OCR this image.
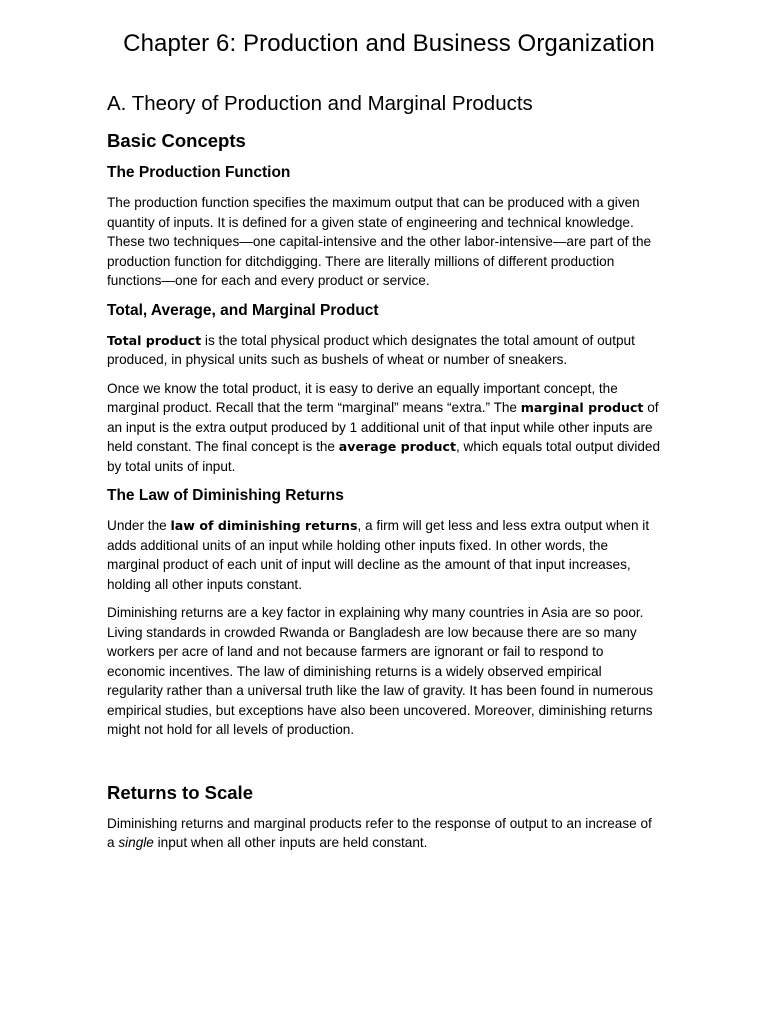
Chapter 6: Production and Business Organization
A. Theory of Production and Marginal Products
Basic Concepts
The Production Function

The production function specifies the maximum output that can be produced with a given quantity of inputs. It is defined for a given state of engineering and technical knowledge. These two techniques—one capital-intensive and the other labor-intensive—are part of the production function for ditchdigging. There are literally millions of different production functions—one for each and every product or service.

Total, Average, and Marginal Product

Total product is the total physical product which designates the total amount of output produced, in physical units such as bushels of wheat or number of sneakers.

Once we know the total product, it is easy to derive an equally important concept, the marginal product. Recall that the term “marginal” means “extra.” The marginal product of an input is the extra output produced by 1 additional unit of that input while other inputs are held constant. The final concept is the average product, which equals total output divided by total units of input.

The Law of Diminishing Returns

Under the law of diminishing returns, a firm will get less and less extra output when it adds additional units of an input while holding other inputs fixed. In other words, the marginal product of each unit of input will decline as the amount of that input increases, holding all other inputs constant.

Diminishing returns are a key factor in explaining why many countries in Asia are so poor. Living standards in crowded Rwanda or Bangladesh are low because there are so many workers per acre of land and not because farmers are ignorant or fail to respond to economic incentives. The law of diminishing returns is a widely observed empirical regularity rather than a universal truth like the law of gravity. It has been found in numerous empirical studies, but exceptions have also been uncovered. Moreover, diminishing returns might not hold for all levels of production.

Returns to Scale

Diminishing returns and marginal products refer to the response of output to an increase of a single input when all other inputs are held constant.
